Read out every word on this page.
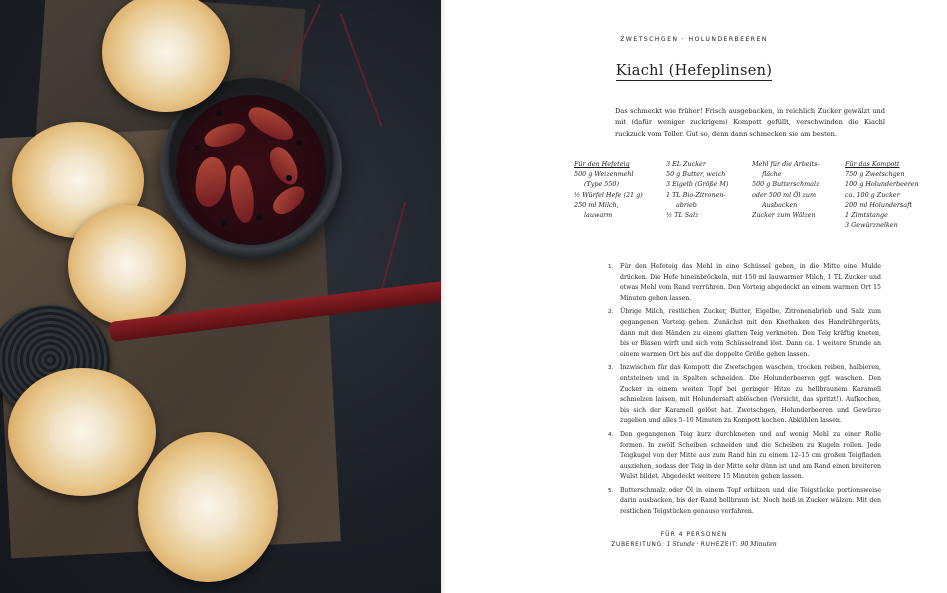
ZWETSCHGEN · HOLUNDERBEEREN
Kiachl (Hefeplinsen)
Das schmeckt wie früher! Frisch ausgebacken, in reichlich Zucker gewälzt und mit (dafür weniger zuckrigem) Kompott gefüllt, verschwinden die Kiachl ruckzuck vom Teller. Gut so, denn dann schmecken sie am besten.
Für den Hefeteig
500 g Weizenmehl
(Type 550)
½ Würfel Hefe (21 g)
250 ml Milch,
lauwarm
3 EL Zucker
50 g Butter, weich
3 Eigelb (Größe M)
1 TL Bio-Zitronen-
abrieb
½ TL Salz
Mehl für die Arbeits-
fläche
500 g Butterschmalz
oder 500 ml Öl zum
Ausbacken
Zucker zum Wälzen
Für das Kompott
750 g Zwetschgen
100 g Holunderbeeren
ca. 100 g Zucker
200 ml Holundersaft
1 Zimtstange
3 Gewürznelken
Für den Hefeteig das Mehl in eine Schüssel geben, in die Mitte eine Mulde drücken. Die Hefe hineinbröckeln, mit 150 ml lauwarmer Milch, 1 TL Zucker und etwas Mehl vom Rand verrühren. Den Vorteig abgedeckt an einem warmen Ort 15 Minuten gehen lassen.
Übrige Milch, restlichen Zucker, Butter, Eigelbe, Zitronenabrieb und Salz zum gegangenen Vorteig geben. Zunächst mit den Knethaken des Handrührgeräts, dann mit den Händen zu einem glatten Teig verkneten. Den Teig kräftig kneten, bis er Blasen wirft und sich vom Schüsselrand löst. Dann ca. 1 weitere Stunde an einem warmen Ort bis auf die doppelte Größe gehen lassen.
Inzwischen für das Kompott die Zwetschgen waschen, trocken reiben, halbieren, entsteinen und in Spalten schneiden. Die Holunderbeeren ggf. waschen. Den Zucker in einem weiten Topf bei geringer Hitze zu hellbraunem Karamell schmelzen lassen, mit Holundersaft ablöschen (Vorsicht, das spritzt!). Aufkochen, bis sich der Karamell gelöst hat. Zwetschgen, Holunderbeeren und Gewürze zugeben und alles 5–10 Minuten zu Kompott kochen. Abkühlen lassen.
Den gegangenen Teig kurz durchkneten und auf wenig Mehl zu einer Rolle formen. In zwölf Scheiben schneiden und die Scheiben zu Kugeln rollen. Jede Teigkugel von der Mitte aus zum Rand hin zu einem 12–15 cm großen Teigfladen ausziehen, sodass der Teig in der Mitte sehr dünn ist und am Rand einen breiteren Wulst bildet. Abgedeckt weitere 15 Minuten gehen lassen.
Butterschmalz oder Öl in einem Topf erhitzen und die Teigstücke portionsweise darin ausbacken, bis der Rand hellbraun ist. Noch heiß in Zucker wälzen. Mit den restlichen Teigstücken genauso verfahren.
FÜR 4 PERSONEN
ZUBEREITUNG: 1 Stunde · RUHEZEIT: 90 Minuten
